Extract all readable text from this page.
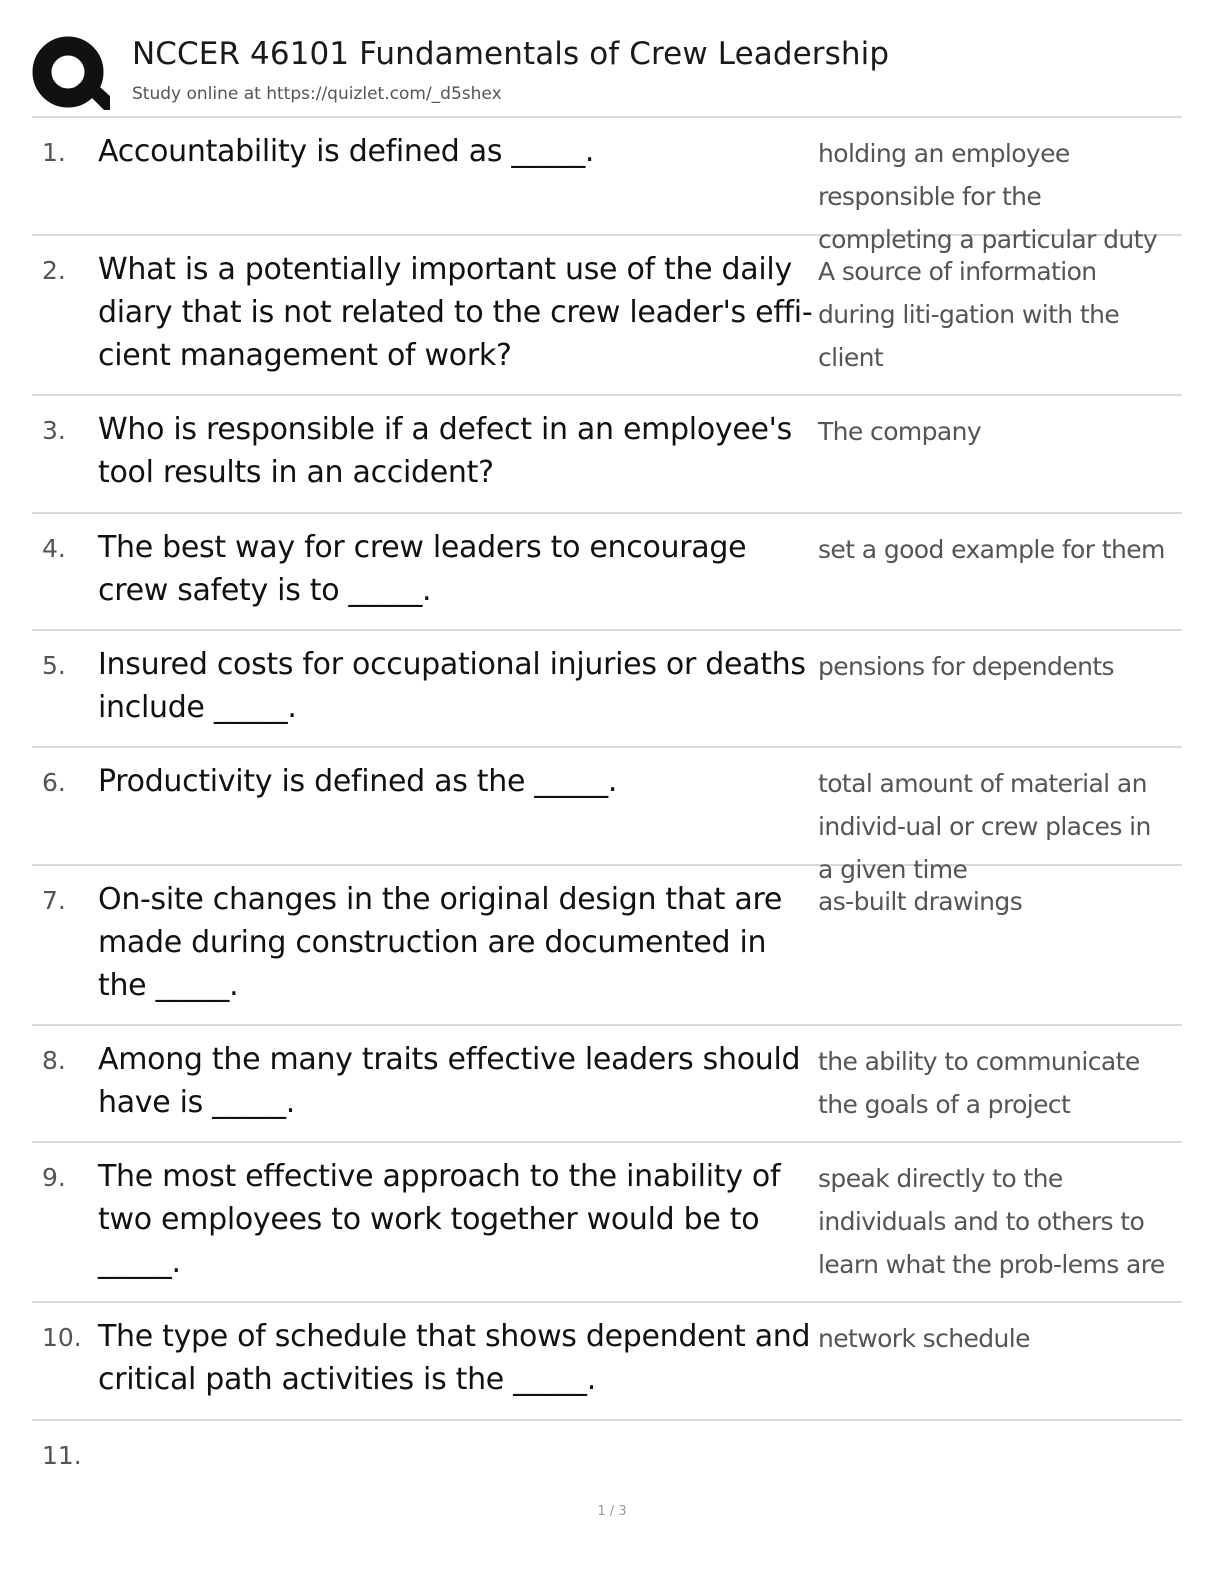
NCCER 46101 Fundamentals of Crew Leadership
Study online at https://quizlet.com/_d5shex
1. Accountability is defined as _____.	holding an employee responsible for the completing a particular duty
2. What is a potentially important use of the daily diary that is not related to the crew leader's effi-cient management of work?
A source of information during liti-gation with the client
3. Who is responsible if a defect in an employee's tool results in an accident?
The company
4. The best way for crew leaders to encourage crew safety is to _____.
set a good example for them
5. Insured costs for occupational injuries or deaths include _____.
pensions for dependents
6. Productivity is defined as the _____.	total amount of material an individ-ual or crew places in a given time
7. On-site changes in the original design that are made during construction are documented in the _____.
as-built drawings
8. Among the many traits effective leaders should have is _____.
the ability to communicate the goals of a project
9. The most effective approach to the inability of two employees to work together would be to _____.
speak directly to the individuals and to others to learn what the prob-lems are
10. The type of schedule that shows dependent and critical path activities is the _____.
network schedule
11.
1 / 3
